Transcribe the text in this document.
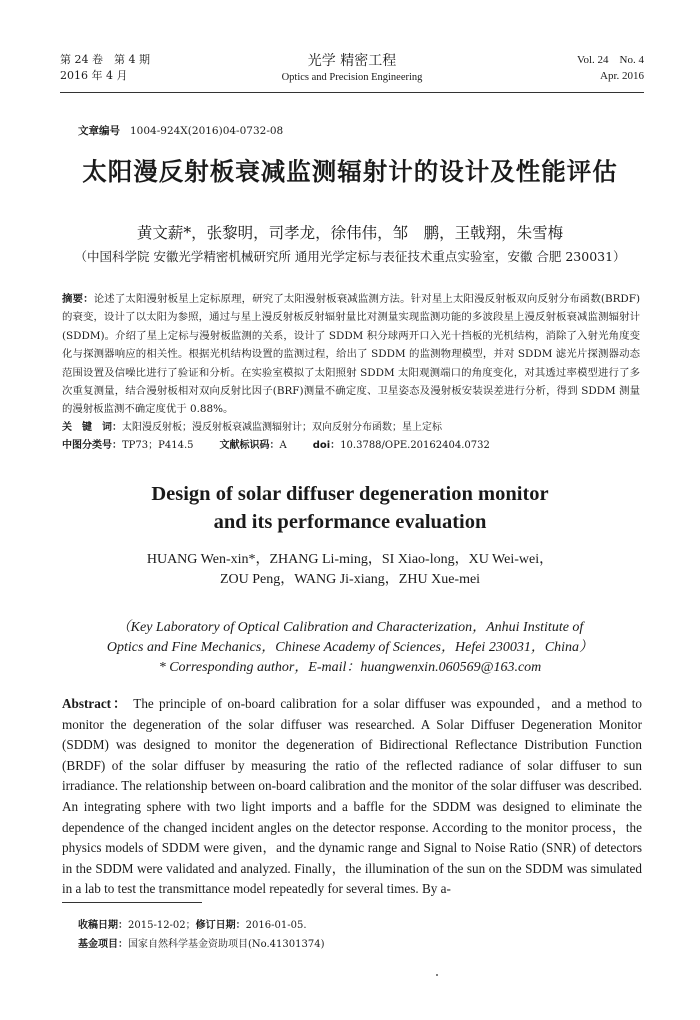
第 24 卷　第 4 期
2016 年 4 月
光学 精密工程
Optics and Precision Engineering
Vol. 24　No. 4
Apr. 2016
文章编号 1004-924X(2016)04-0732-08
太阳漫反射板衰减监测辐射计的设计及性能评估
黄文薪*，张黎明，司孝龙，徐伟伟，邹　鹏，王戟翔，朱雪梅
（中国科学院 安徽光学精密机械研究所 通用光学定标与表征技术重点实验室，安徽 合肥 230031）
摘要：论述了太阳漫射板星上定标原理，研究了太阳漫射板衰减监测方法。针对星上太阳漫反射板双向反射分布函数(BRDF)的衰变，设计了以太阳为参照，通过与星上漫反射板反射辐射量比对测量实现监测功能的多波段星上漫反射板衰减监测辐射计(SDDM)。介绍了星上定标与漫射板监测的关系，设计了 SDDM 积分球两开口入光十挡板的光机结构，消除了入射光角度变化与探测器响应的相关性。根据光机结构设置的监测过程，给出了 SDDM 的监测物理模型，并对 SDDM 滤光片探测器动态范围设置及信噪比进行了验证和分析。在实验室模拟了太阳照射 SDDM 太阳观测端口的角度变化，对其透过率模型进行了多次重复测量，结合漫射板相对双向反射比因子(BRF)测量不确定度、卫星姿态及漫射板安装误差进行分析，得到 SDDM 测量的漫射板监测不确定度优于 0.88%。
关　键　词：太阳漫反射板；漫反射板衰减监测辐射计；双向反射分布函数；星上定标
中图分类号：TP73；P414.5	文献标识码：A	doi：10.3788/OPE.20162404.0732
Design of solar diffuser degeneration monitor
and its performance evaluation
HUANG Wen-xin*，ZHANG Li-ming，SI Xiao-long，XU Wei-wei，
ZOU Peng，WANG Ji-xiang，ZHU Xue-mei
（Key Laboratory of Optical Calibration and Characterization，Anhui Institute of
Optics and Fine Mechanics，Chinese Academy of Sciences，Hefei 230031，China）
* Corresponding author，E-mail：huangwenxin.060569@163.com
Abstract： The principle of on-board calibration for a solar diffuser was expounded，and a method to monitor the degeneration of the solar diffuser was researched. A Solar Diffuser Degeneration Monitor (SDDM) was designed to monitor the degeneration of Bidirectional Reflectance Distribution Function (BRDF) of the solar diffuser by measuring the ratio of the reflected radiance of solar diffuser to sun irradiance. The relationship between on-board calibration and the monitor of the solar diffuser was described. An integrating sphere with two light imports and a baffle for the SDDM was designed to eliminate the dependence of the changed incident angles on the detector response. According to the monitor process，the physics models of SDDM were given，and the dynamic range and Signal to Noise Ratio (SNR) of detectors in the SDDM were validated and analyzed. Finally，the illumination of the sun on the SDDM was simulated in a lab to test the transmittance model repeatedly for several times. By a-
收稿日期：2015-12-02；修订日期：2016-01-05.
基金项目：国家自然科学基金资助项目(No.41301374)
